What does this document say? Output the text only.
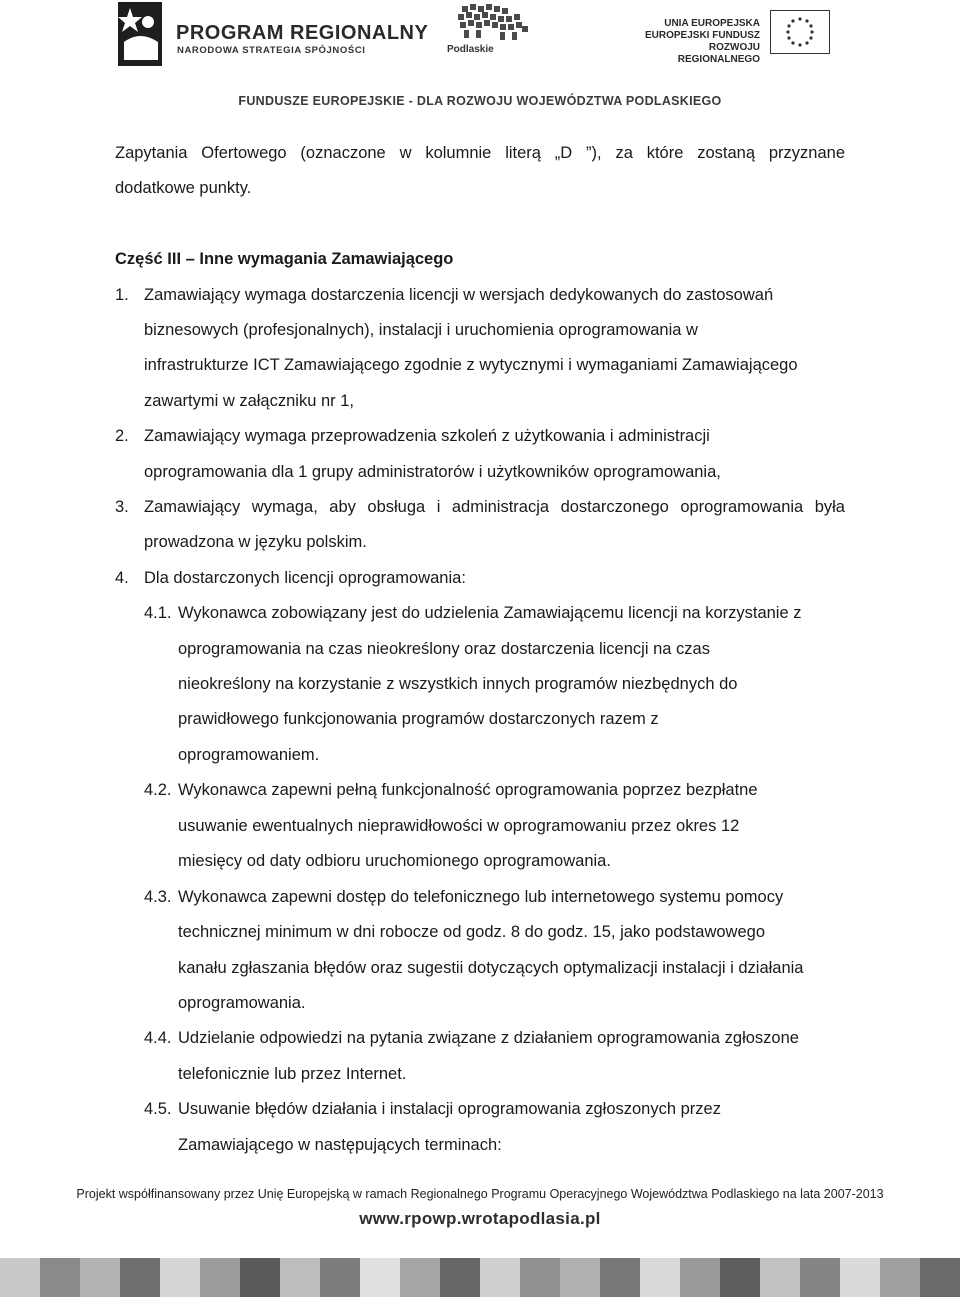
PROGRAM REGIONALNY
NARODOWA STRATEGIA SPÓJNOŚCI	Podlaskie
UNIA EUROPEJSKA
EUROPEJSKI FUNDUSZ
ROZWOJU REGIONALNEGO
FUNDUSZE EUROPEJSKIE - DLA ROZWOJU WOJEWÓDZTWA PODLASKIEGO
Zapytania Ofertowego (oznaczone w kolumnie literą „D ”), za które zostaną przyznane
dodatkowe punkty.
Część III – Inne wymagania Zamawiającego
1. Zamawiający wymaga dostarczenia licencji w wersjach dedykowanych do zastosowań
biznesowych (profesjonalnych), instalacji i uruchomienia oprogramowania w
infrastrukturze ICT Zamawiającego zgodnie z wytycznymi i wymaganiami Zamawiającego
zawartymi w załączniku nr 1,
2. Zamawiający wymaga przeprowadzenia szkoleń z użytkowania i administracji
oprogramowania dla 1 grupy administratorów i użytkowników oprogramowania,
3. Zamawiający wymaga, aby obsługa i administracja dostarczonego oprogramowania była
prowadzona w języku polskim.
4. Dla dostarczonych licencji oprogramowania:
4.1. Wykonawca zobowiązany jest do udzielenia Zamawiającemu licencji na korzystanie z
oprogramowania na czas nieokreślony oraz dostarczenia licencji na czas
nieokreślony na korzystanie z wszystkich innych programów niezbędnych do
prawidłowego funkcjonowania programów dostarczonych razem z
oprogramowaniem.
4.2. Wykonawca zapewni pełną funkcjonalność oprogramowania poprzez bezpłatne
usuwanie ewentualnych nieprawidłowości w oprogramowaniu przez okres 12
miesięcy od daty odbioru uruchomionego oprogramowania.
4.3. Wykonawca zapewni dostęp do telefonicznego lub internetowego systemu pomocy
technicznej minimum w dni robocze od godz. 8 do godz. 15, jako podstawowego
kanału zgłaszania błędów oraz sugestii dotyczących optymalizacji instalacji i działania
oprogramowania.
4.4. Udzielanie odpowiedzi na pytania związane z działaniem oprogramowania zgłoszone
telefonicznie lub przez Internet.
4.5. Usuwanie błędów działania i instalacji oprogramowania zgłoszonych przez
Zamawiającego w następujących terminach:
Projekt współfinansowany przez Unię Europejską w ramach Regionalnego Programu Operacyjnego Województwa Podlaskiego na lata 2007-2013
www.rpowp.wrotapodlasia.pl
